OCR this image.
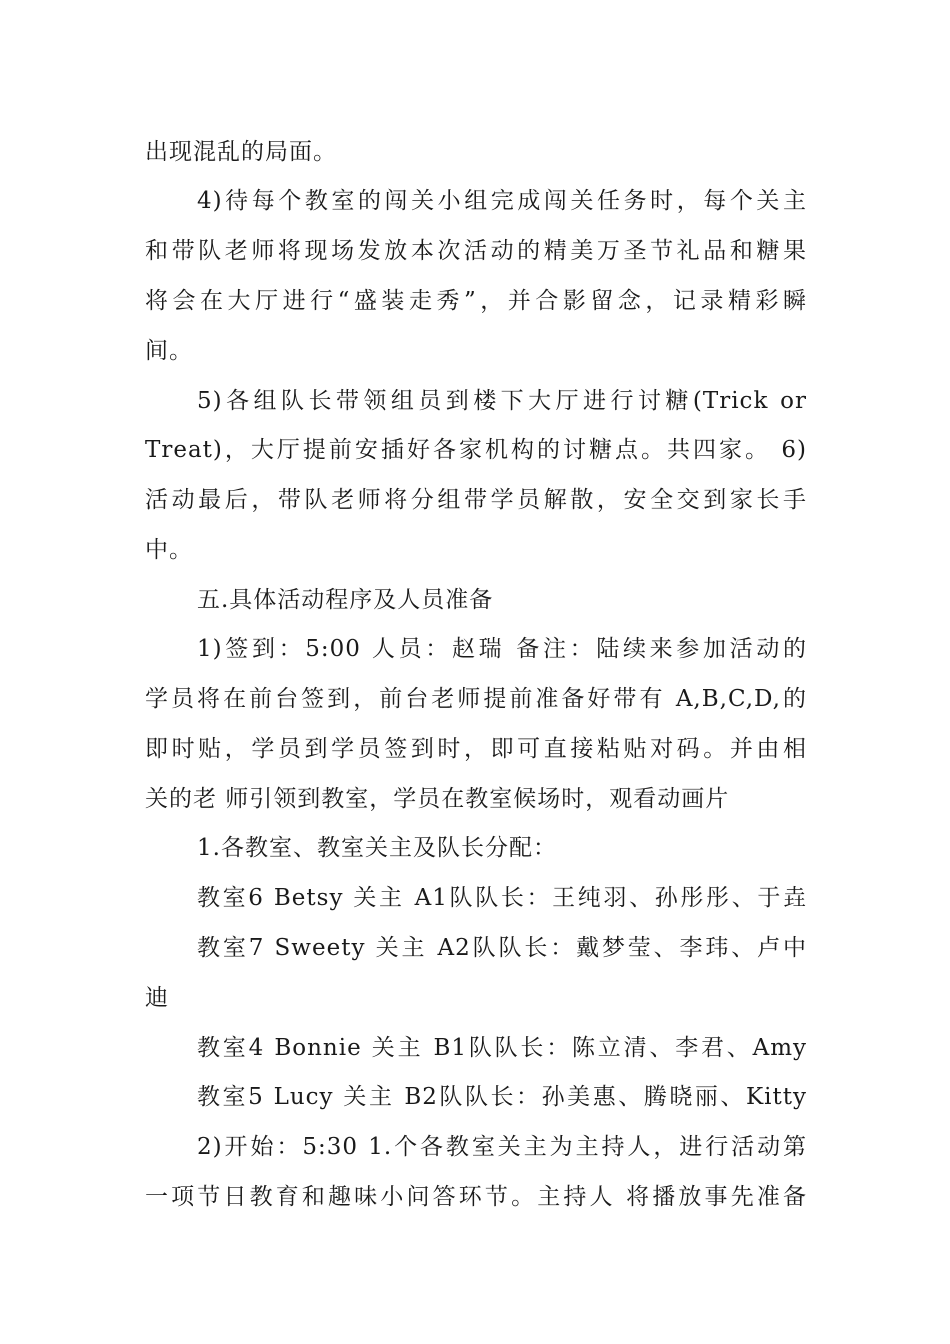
出现混乱的局面。
4)待每个教室的闯关小组完成闯关任务时，每个关主
和带队老师将现场发放本次活动的精美万圣节礼品和糖果
将会在大厅进行“盛装走秀”，并合影留念，记录精彩瞬
间。
5)各组队长带领组员到楼下大厅进行讨糖(Trick or
Treat)，大厅提前安插好各家机构的讨糖点。共四家。 6)
活动最后，带队老师将分组带学员解散，安全交到家长手
中。
五.具体活动程序及人员准备
1)签到：5:00 人员：赵瑞 备注：陆续来参加活动的
学员将在前台签到，前台老师提前准备好带有 A,B,C,D,的
即时贴，学员到学员签到时，即可直接粘贴对码。并由相
关的老 师引领到教室，学员在教室候场时，观看动画片
1.各教室、教室关主及队长分配：
教室6 Betsy 关主 A1队队长：王纯羽、孙彤彤、于垚
教室7 Sweety 关主 A2队队长：戴梦莹、李玮、卢中
迪
教室4 Bonnie 关主 B1队队长：陈立清、李君、Amy
教室5 Lucy 关主 B2队队长：孙美惠、腾晓丽、Kitty
2)开始：5:30 1.个各教室关主为主持人，进行活动第
一项节日教育和趣味小问答环节。主持人 将播放事先准备
